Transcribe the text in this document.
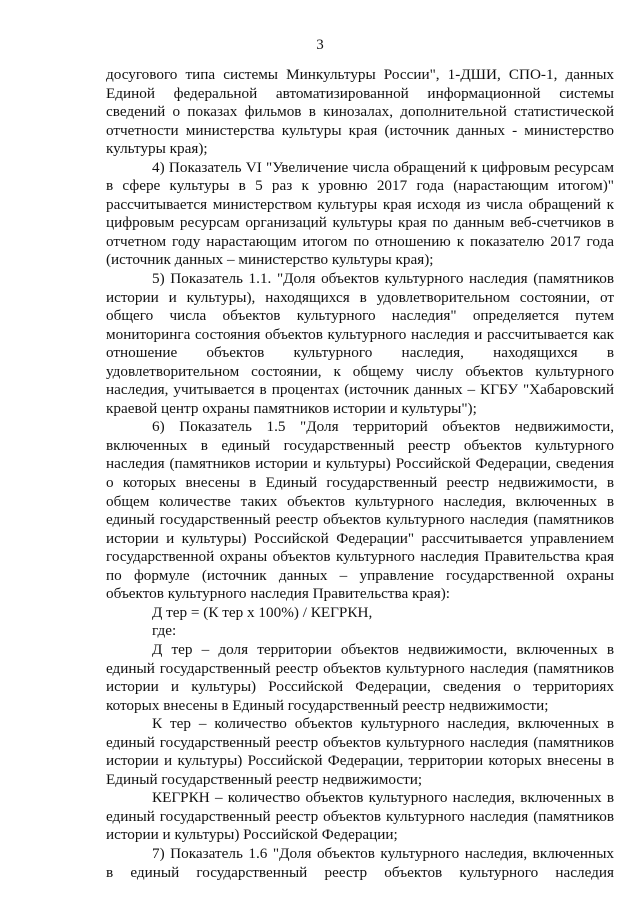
3
досугового типа системы Минкультуры России", 1-ДШИ, СПО-1, данных
Единой федеральной автоматизированной информационной системы
сведений о показах фильмов в кинозалах, дополнительной статистической
отчетности министерства культуры края (источник данных - министерство
культуры края);
4) Показатель VI "Увеличение числа обращений к цифровым ресурсам
в сфере культуры в 5 раз к уровню 2017 года (нарастающим итогом)"
рассчитывается министерством культуры края исходя из числа обращений к
цифровым ресурсам организаций культуры края по данным веб-счетчиков в
отчетном году нарастающим итогом по отношению к показателю 2017 года
(источник данных – министерство культуры края);
5) Показатель 1.1. "Доля объектов культурного наследия (памятников
истории и культуры), находящихся в удовлетворительном состоянии, от
общего числа объектов культурного наследия" определяется путем
мониторинга состояния объектов культурного наследия и рассчитывается как
отношение объектов культурного наследия, находящихся в
удовлетворительном состоянии, к общему числу объектов культурного
наследия, учитывается в процентах (источник данных – КГБУ "Хабаровский
краевой центр охраны памятников истории и культуры");
6) Показатель 1.5 "Доля территорий объектов недвижимости,
включенных в единый государственный реестр объектов культурного
наследия (памятников истории и культуры) Российской Федерации, сведения
о которых внесены в Единый государственный реестр недвижимости, в
общем количестве таких объектов культурного наследия, включенных в
единый государственный реестр объектов культурного наследия (памятников
истории и культуры) Российской Федерации" рассчитывается управлением
государственной охраны объектов культурного наследия Правительства края
по формуле (источник данных – управление государственной охраны
объектов культурного наследия Правительства края):
Д тер = (К тер x 100%) / КЕГРКН,
где:
Д тер – доля территории объектов недвижимости, включенных в
единый государственный реестр объектов культурного наследия (памятников
истории и культуры) Российской Федерации, сведения о территориях
которых внесены в Единый государственный реестр недвижимости;
К тер – количество объектов культурного наследия, включенных в
единый государственный реестр объектов культурного наследия (памятников
истории и культуры) Российской Федерации, территории которых внесены в
Единый государственный реестр недвижимости;
КЕГРКН – количество объектов культурного наследия, включенных в
единый государственный реестр объектов культурного наследия (памятников
истории и культуры) Российской Федерации;
7) Показатель 1.6 "Доля объектов культурного наследия, включенных
в единый государственный реестр объектов культурного наследия
